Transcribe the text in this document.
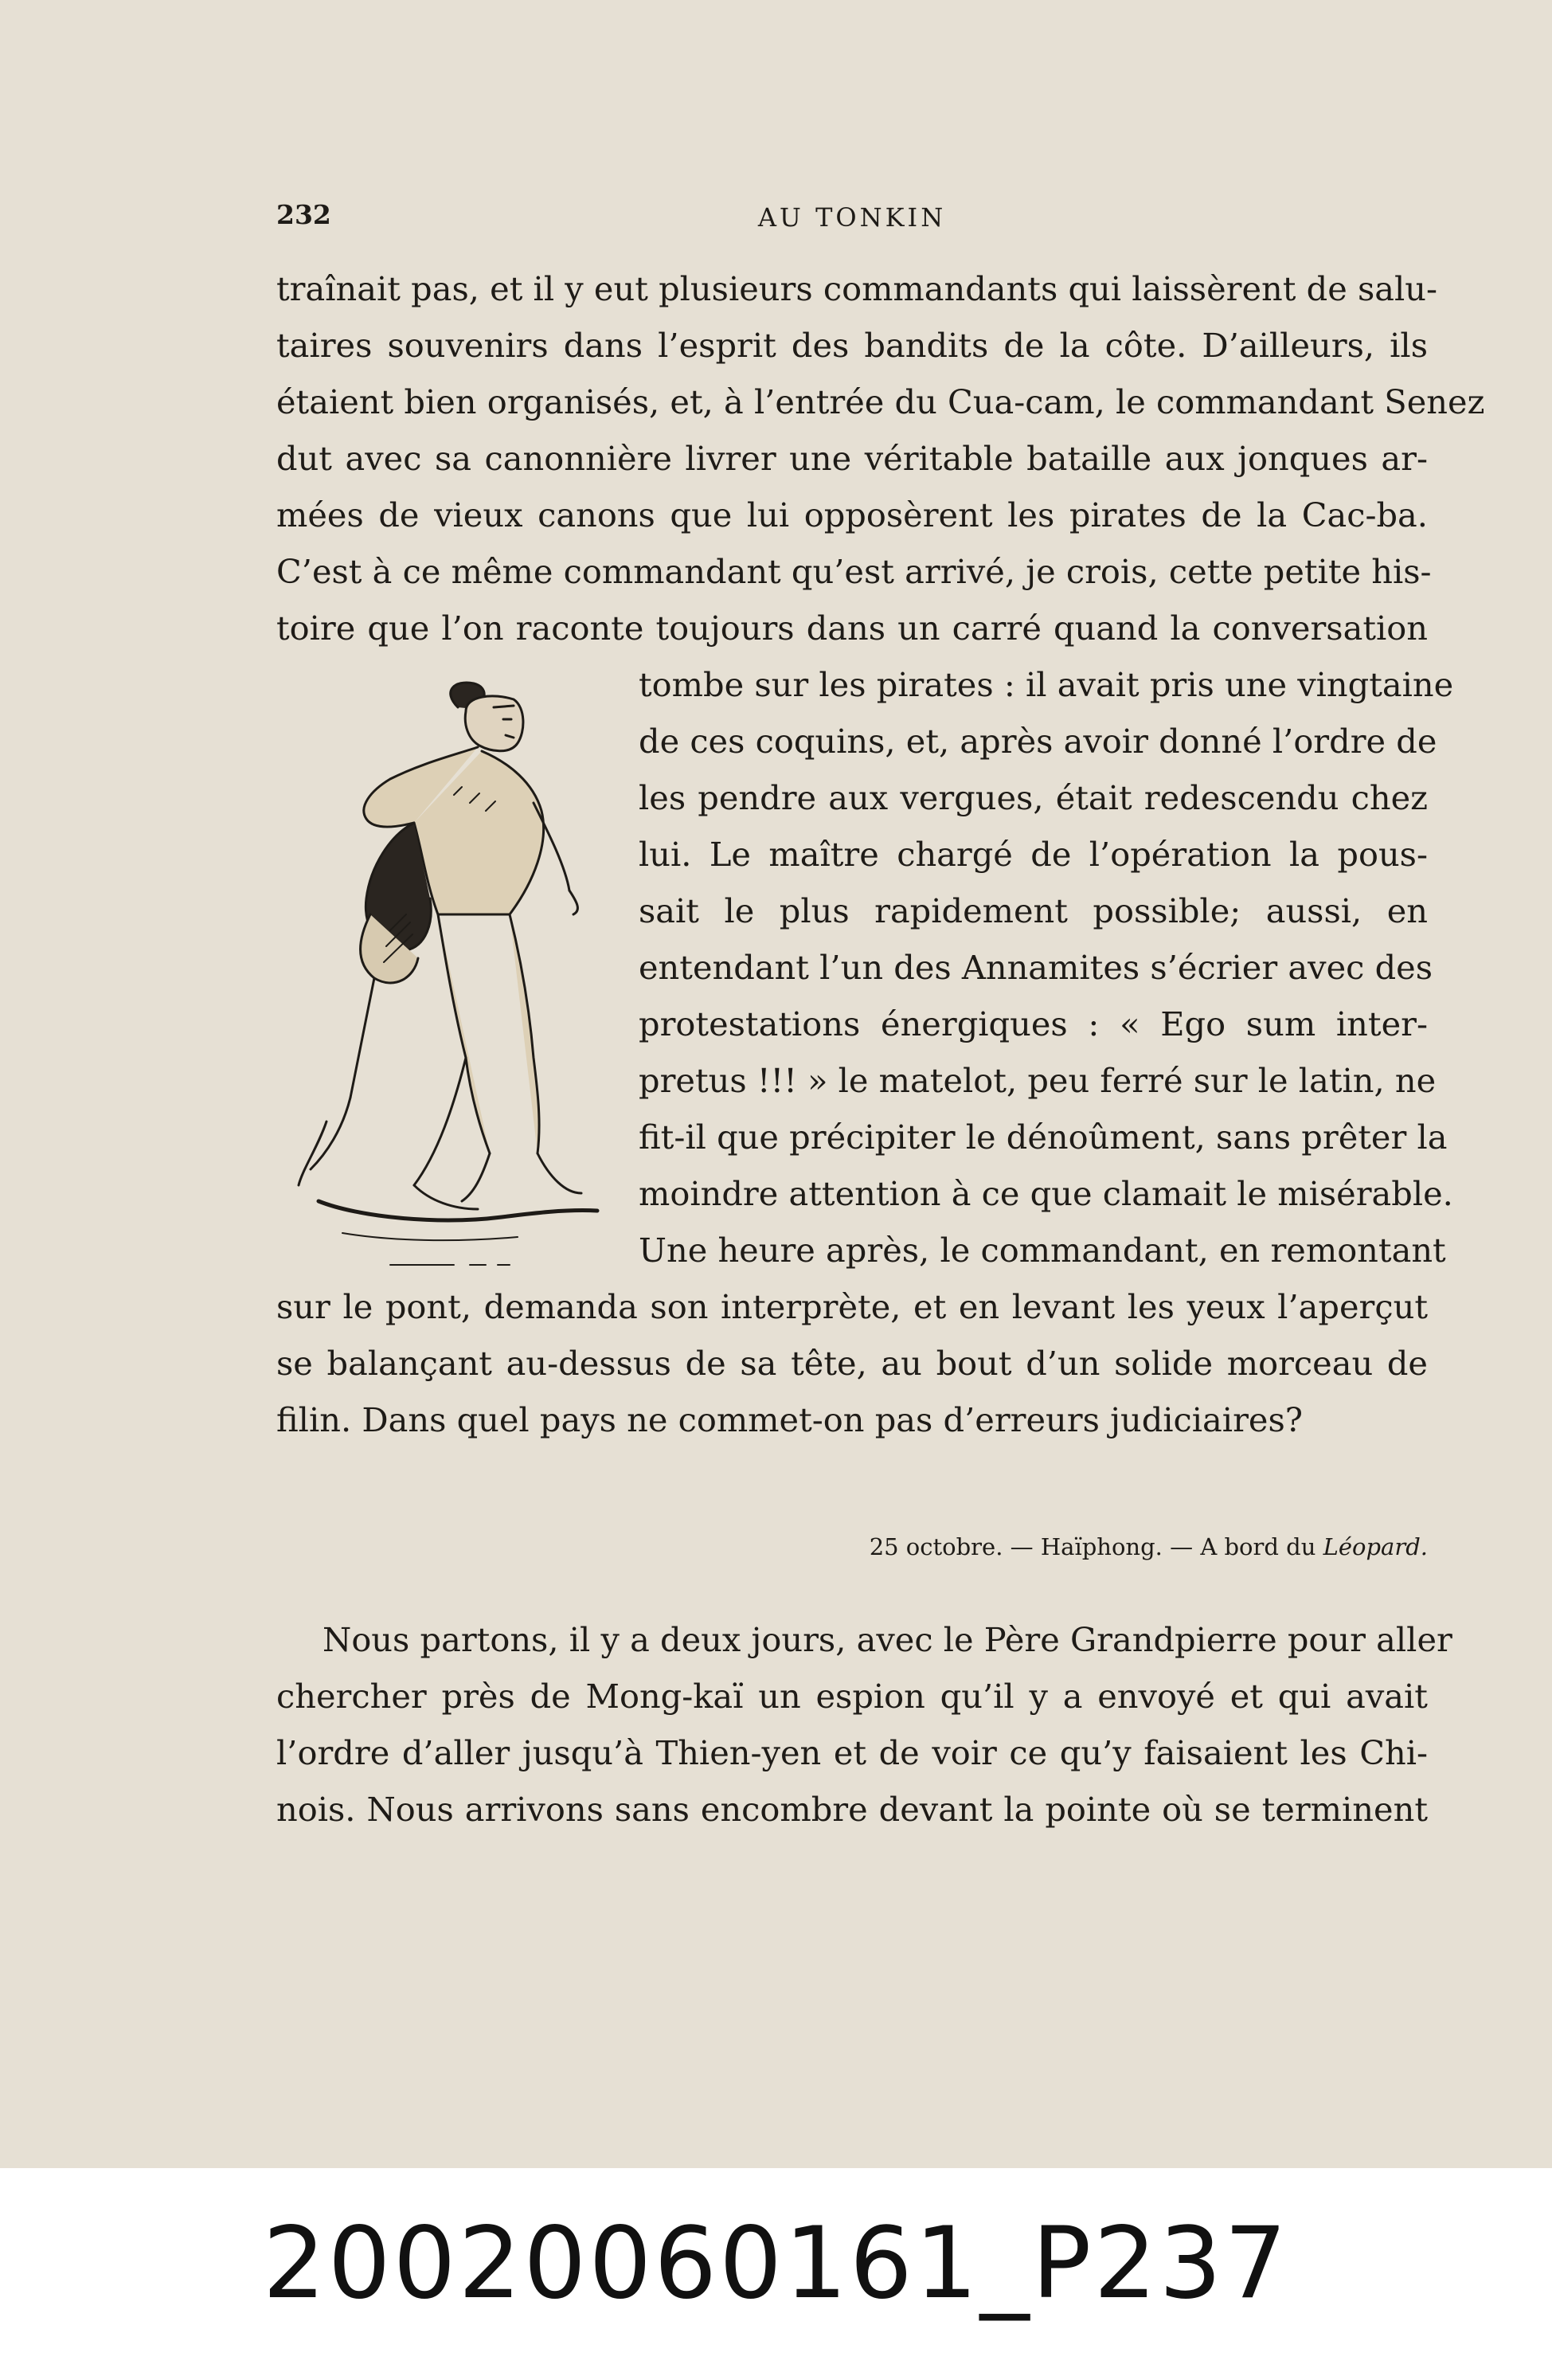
232	AU TONKIN
traînait pas, et il y eut plusieurs commandants qui laissèrent de salu-
taires souvenirs dans l’esprit des bandits de la côte. D’ailleurs, ils
étaient bien organisés, et, à l’entrée du Cua-cam, le commandant Senez
dut avec sa canonnière livrer une véritable bataille aux jonques ar-
mées de vieux canons que lui opposèrent les pirates de la Cac-ba.
C’est à ce même commandant qu’est arrivé, je crois, cette petite his-
toire que l’on raconte toujours dans un carré quand la conversation
tombe sur les pirates : il avait pris une vingtaine
de ces coquins, et, après avoir donné l’ordre de
les pendre aux vergues, était redescendu chez
lui. Le maître chargé de l’opération la pous-
sait le plus rapidement possible; aussi, en
entendant l’un des Annamites s’écrier avec des
protestations énergiques : « Ego sum inter-
pretus !!! » le matelot, peu ferré sur le latin, ne
fit-il que précipiter le dénoûment, sans prêter la
moindre attention à ce que clamait le misérable.
Une heure après, le commandant, en remontant
sur le pont, demanda son interprète, et en levant les yeux l’aperçut
se balançant au-dessus de sa tête, au bout d’un solide morceau de
filin. Dans quel pays ne commet-on pas d’erreurs judiciaires?
25 octobre. — Haïphong. — A bord du Léopard.
Nous partons, il y a deux jours, avec le Père Grandpierre pour aller
chercher près de Mong-kaï un espion qu’il y a envoyé et qui avait
l’ordre d’aller jusqu’à Thien-yen et de voir ce qu’y faisaient les Chi-
nois. Nous arrivons sans encombre devant la pointe où se terminent
20020060161_P237
